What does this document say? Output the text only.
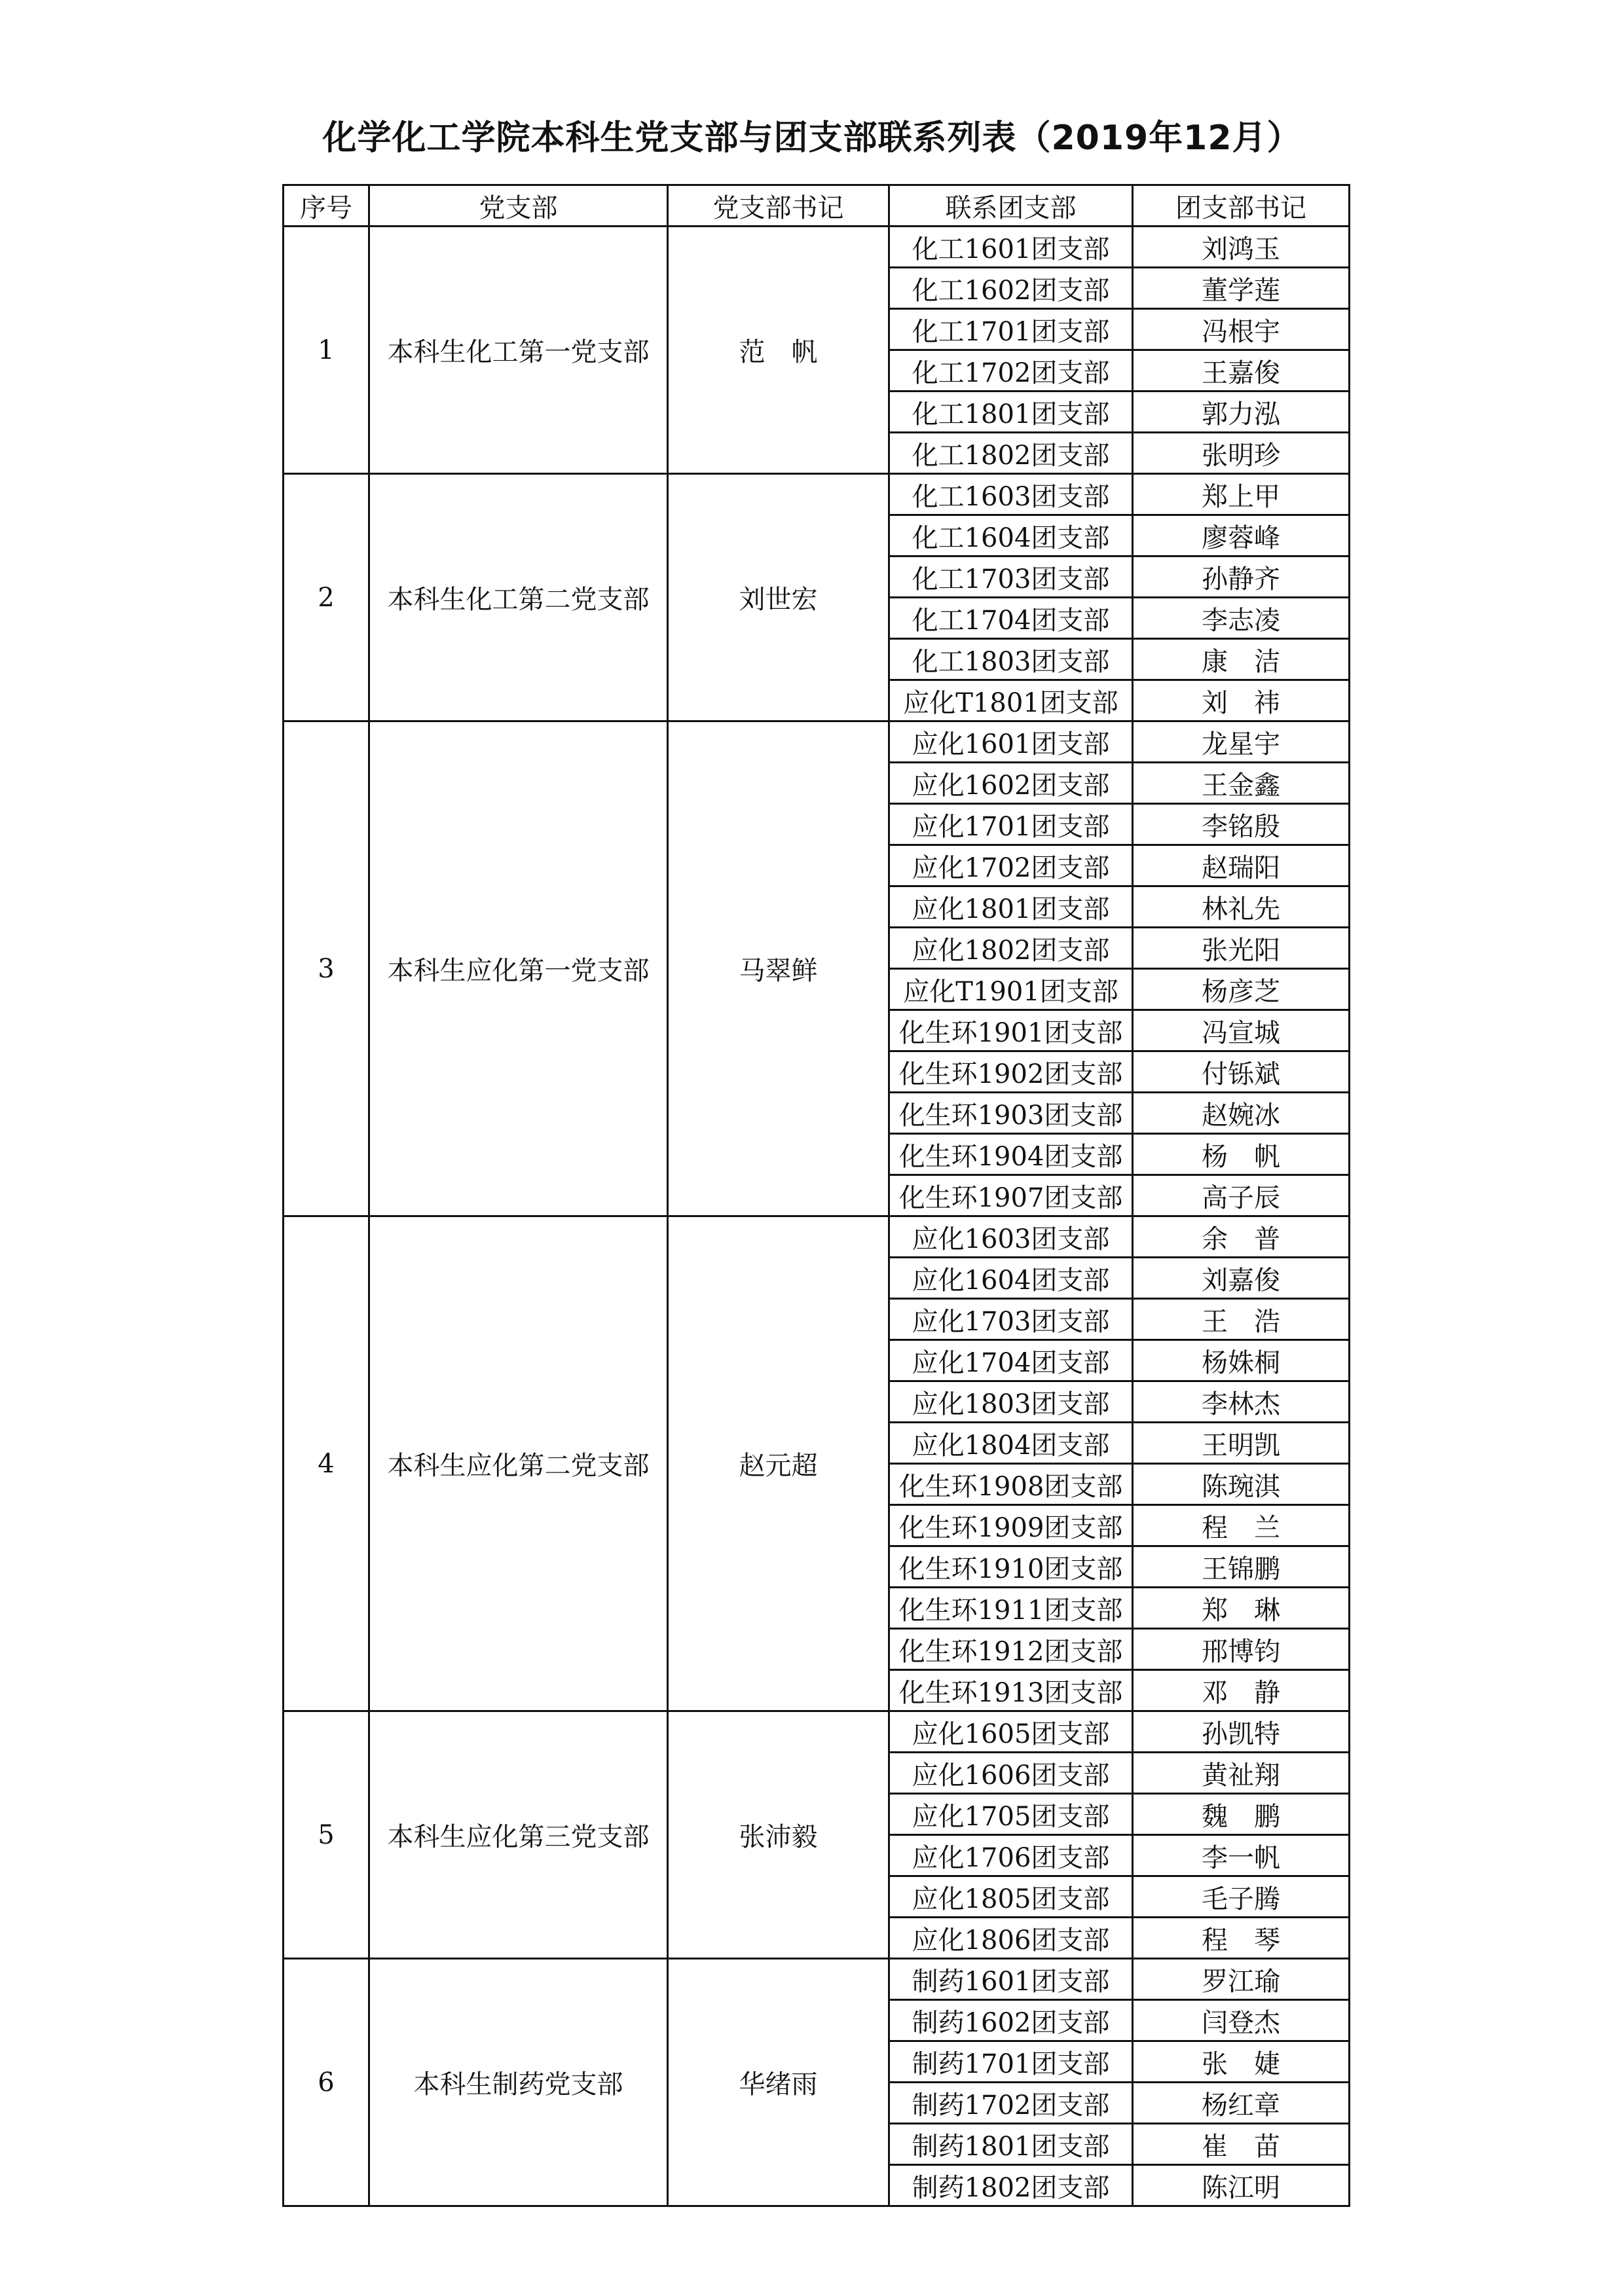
化学化工学院本科生党支部与团支部联系列表（2019年12月）
序号	党支部	党支部书记	联系团支部	团支部书记
1	本科生化工第一党支部	范　帆	化工1601团支部	刘鸿玉
			化工1602团支部	董学莲
			化工1701团支部	冯根宇
			化工1702团支部	王嘉俊
			化工1801团支部	郭力泓
			化工1802团支部	张明珍
2	本科生化工第二党支部	刘世宏	化工1603团支部	郑上甲
			化工1604团支部	廖蓉峰
			化工1703团支部	孙静齐
			化工1704团支部	李志凌
			化工1803团支部	康　洁
			应化T1801团支部	刘　祎
3	本科生应化第一党支部	马翠鲜	应化1601团支部	龙星宇
			应化1602团支部	王金鑫
			应化1701团支部	李铭殷
			应化1702团支部	赵瑞阳
			应化1801团支部	林礼先
			应化1802团支部	张光阳
			应化T1901团支部	杨彦芝
			化生环1901团支部	冯宣城
			化生环1902团支部	付铄斌
			化生环1903团支部	赵婉冰
			化生环1904团支部	杨　帆
			化生环1907团支部	高子辰
4	本科生应化第二党支部	赵元超	应化1603团支部	余　普
			应化1604团支部	刘嘉俊
			应化1703团支部	王　浩
			应化1704团支部	杨姝桐
			应化1803团支部	李林杰
			应化1804团支部	王明凯
			化生环1908团支部	陈琬淇
			化生环1909团支部	程　兰
			化生环1910团支部	王锦鹏
			化生环1911团支部	郑　琳
			化生环1912团支部	邢博钧
			化生环1913团支部	邓　静
5	本科生应化第三党支部	张沛毅	应化1605团支部	孙凯特
			应化1606团支部	黄祉翔
			应化1705团支部	魏　鹏
			应化1706团支部	李一帆
			应化1805团支部	毛子腾
			应化1806团支部	程　琴
6	本科生制药党支部	华绪雨	制药1601团支部	罗江瑜
			制药1602团支部	闫登杰
			制药1701团支部	张　婕
			制药1702团支部	杨红章
			制药1801团支部	崔　苗
			制药1802团支部	陈江明
